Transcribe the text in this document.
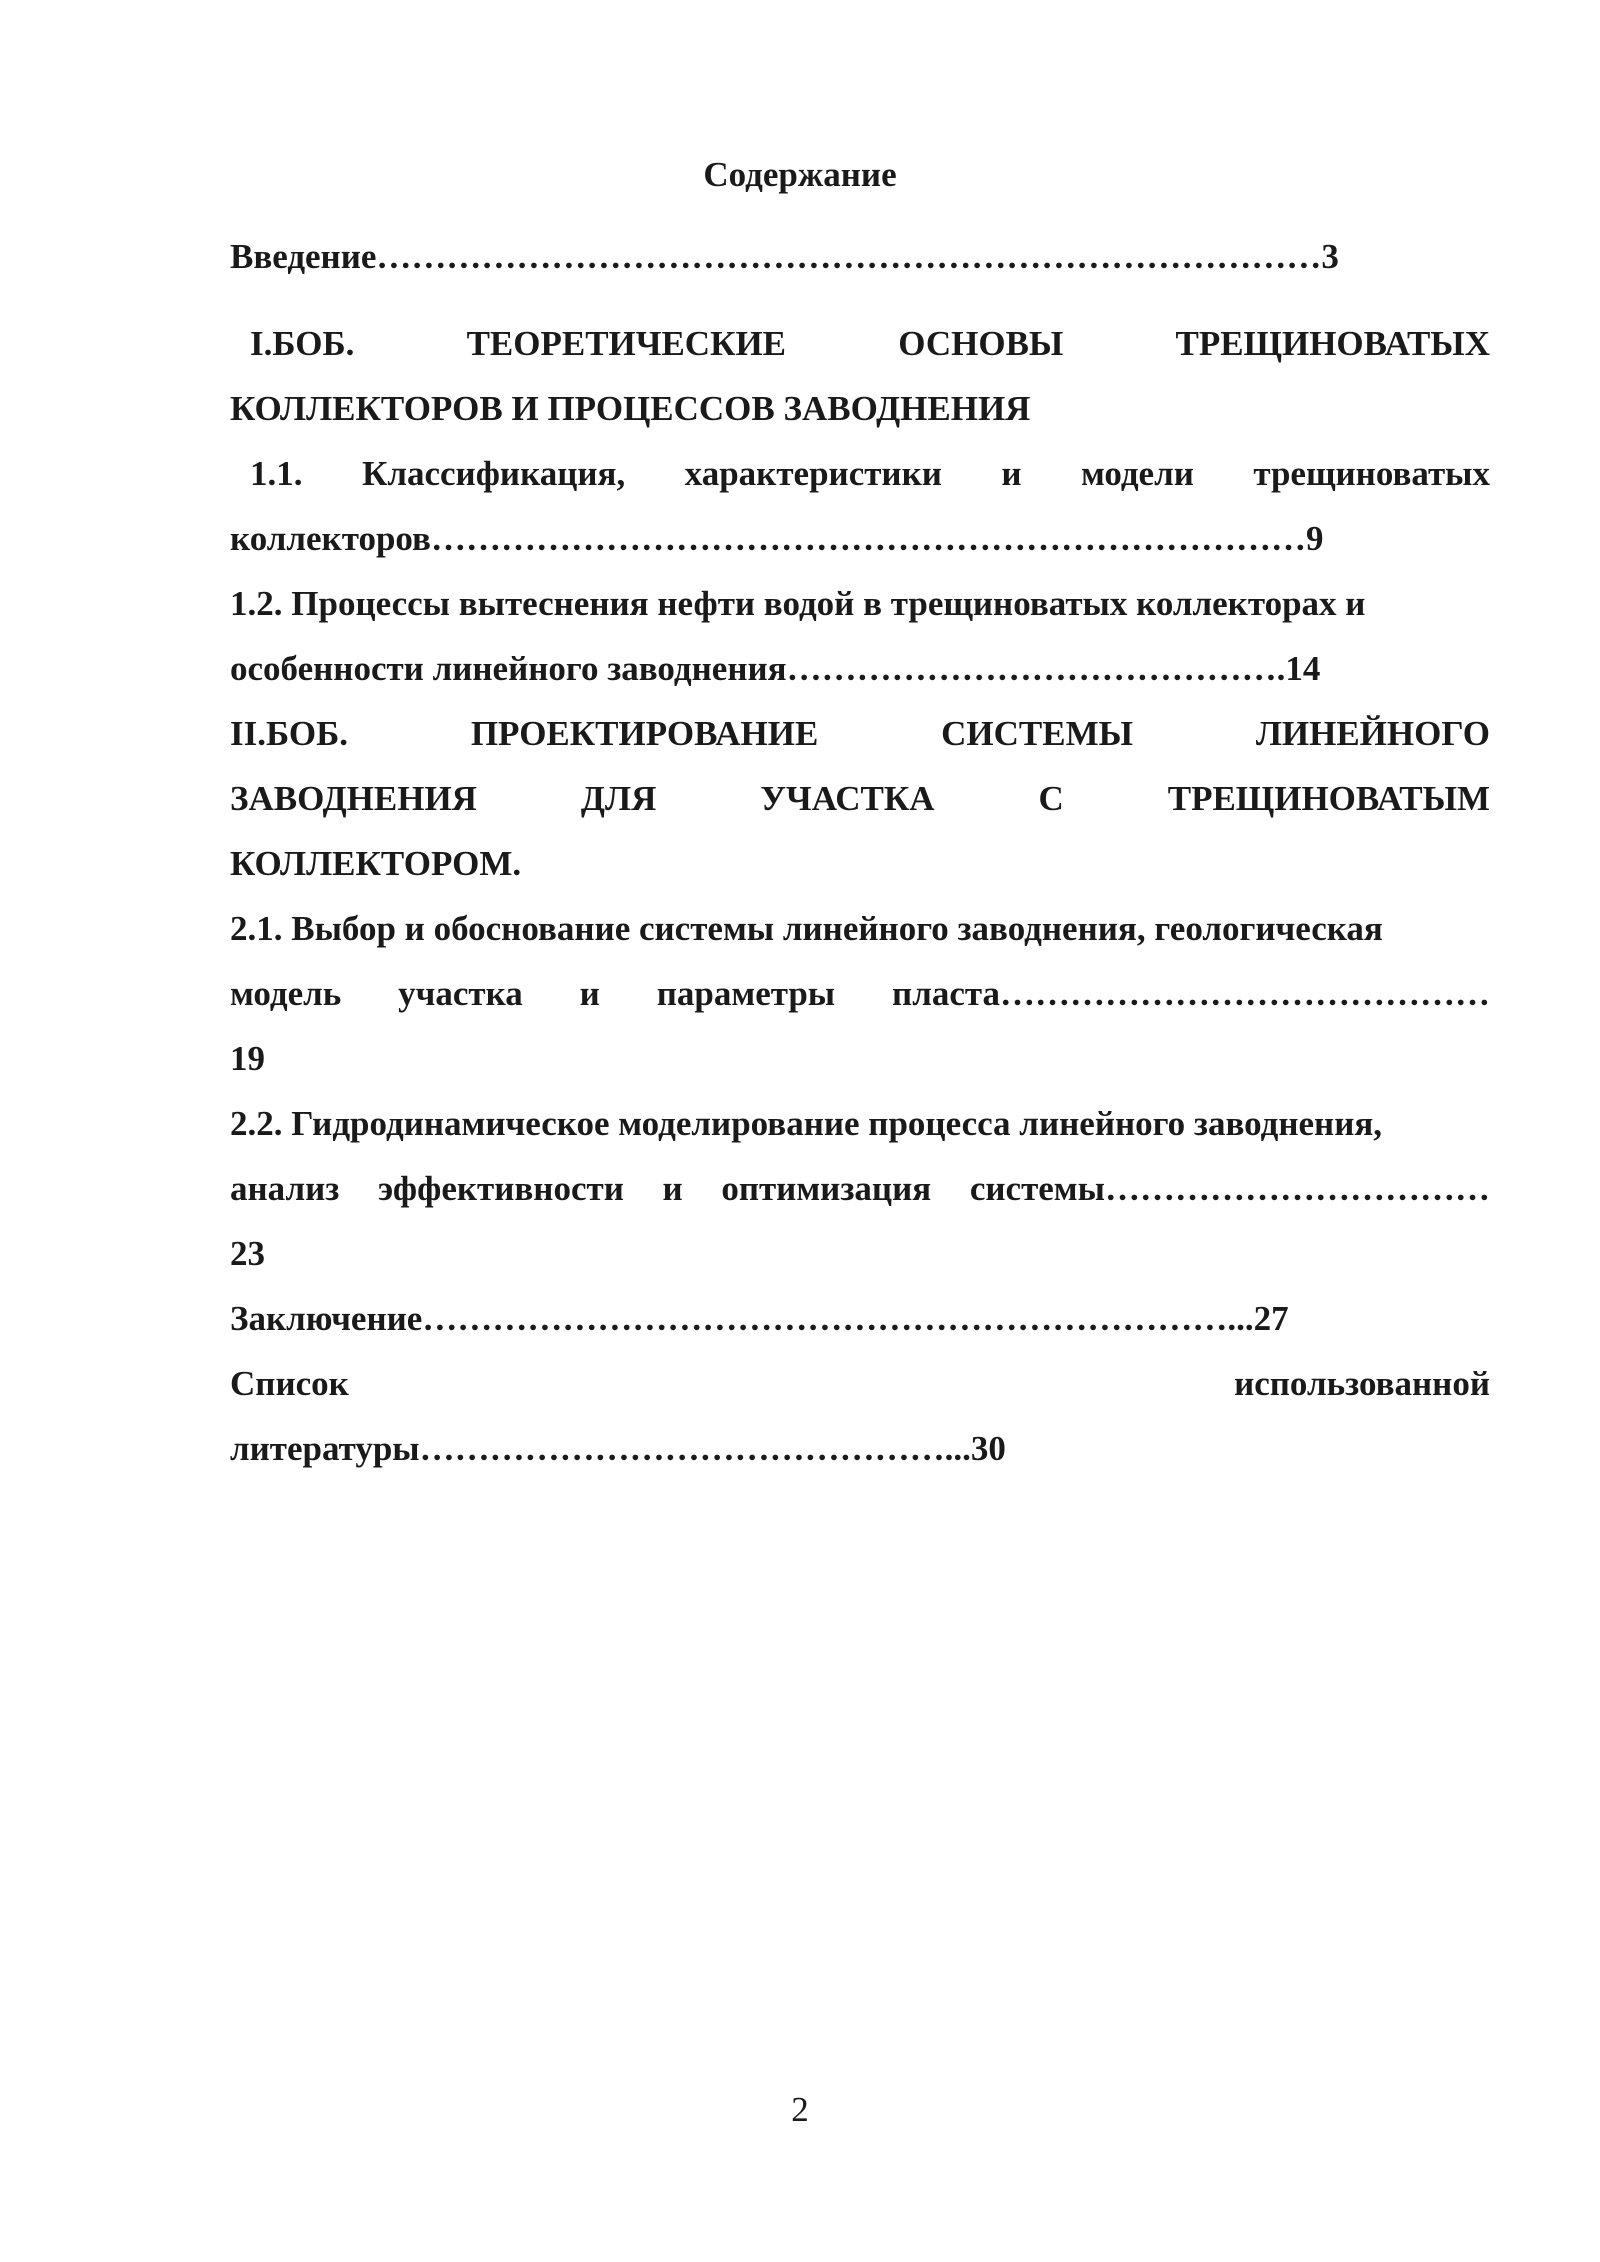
Содержание
Введение………………………………………………………………………3
I.БОБ.	ТЕОРЕТИЧЕСКИЕ	ОСНОВЫ	ТРЕЩИНОВАТЫХ
КОЛЛЕКТОРОВ И ПРОЦЕССОВ ЗАВОДНЕНИЯ
1.1. Классификация, характеристики и модели трещиноватых
коллекторов…………………………………………………………………9
1.2. Процессы вытеснения нефти водой в трещиноватых коллекторах и
особенности линейного заводнения…………………………………….14
II.БОБ.	ПРОЕКТИРОВАНИЕ	СИСТЕМЫ	ЛИНЕЙНОГО
ЗАВОДНЕНИЯ	ДЛЯ	УЧАСТКА	С	ТРЕЩИНОВАТЫМ
КОЛЛЕКТОРОМ.
2.1. Выбор и обоснование системы линейного заводнения, геологическая
модель участка и параметры пласта……………………………………
19
2.2. Гидродинамическое моделирование процесса линейного заводнения,
анализ эффективности и оптимизация системы……………………………
23
Заключение……………………………………………………………...27
Список	использованной
литературы………………………………………...30
2
